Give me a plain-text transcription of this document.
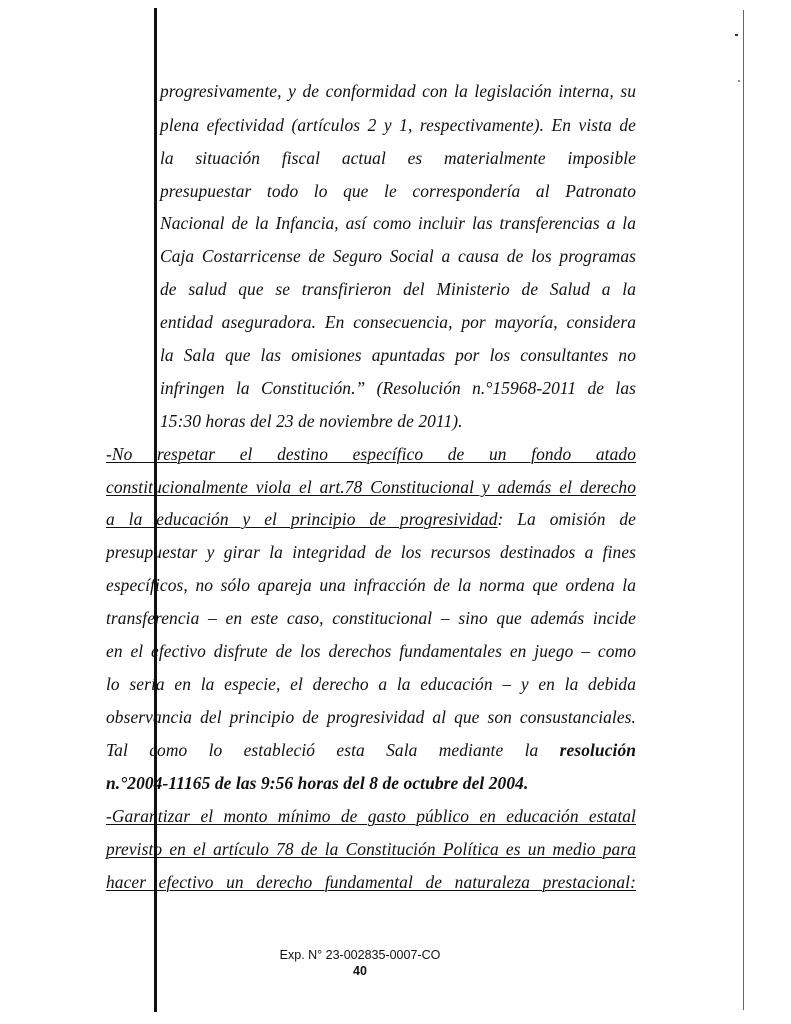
progresivamente, y de conformidad con la legislación interna, su
plena efectividad (artículos 2 y 1, respectivamente). En vista de
la situación fiscal actual es materialmente imposible
presupuestar todo lo que le correspondería al Patronato
Nacional de la Infancia, así como incluir las transferencias a la
Caja Costarricense de Seguro Social a causa de los programas
de salud que se transfirieron del Ministerio de Salud a la
entidad aseguradora. En consecuencia, por mayoría, considera
la Sala que las omisiones apuntadas por los consultantes no
infringen la Constitución.” (Resolución n.°15968-2011 de las
15:30 horas del 23 de noviembre de 2011).
-No respetar el destino específico de un fondo atado
constitucionalmente viola el art.78 Constitucional y además el derecho
a la educación y el principio de progresividad: La omisión de
presupuestar y girar la integridad de los recursos destinados a fines
específicos, no sólo apareja una infracción de la norma que ordena la
transferencia – en este caso, constitucional – sino que además incide
en el efectivo disfrute de los derechos fundamentales en juego – como
lo sería en la especie, el derecho a la educación – y en la debida
observancia del principio de progresividad al que son consustanciales.
Tal como lo estableció esta Sala mediante la resolución
n.°2004-11165 de las 9:56 horas del 8 de octubre del 2004.
-Garantizar el monto mínimo de gasto público en educación estatal
previsto en el artículo 78 de la Constitución Política es un medio para
hacer efectivo un derecho fundamental de naturaleza prestacional:
Exp. N° 23-002835-0007-CO
40
